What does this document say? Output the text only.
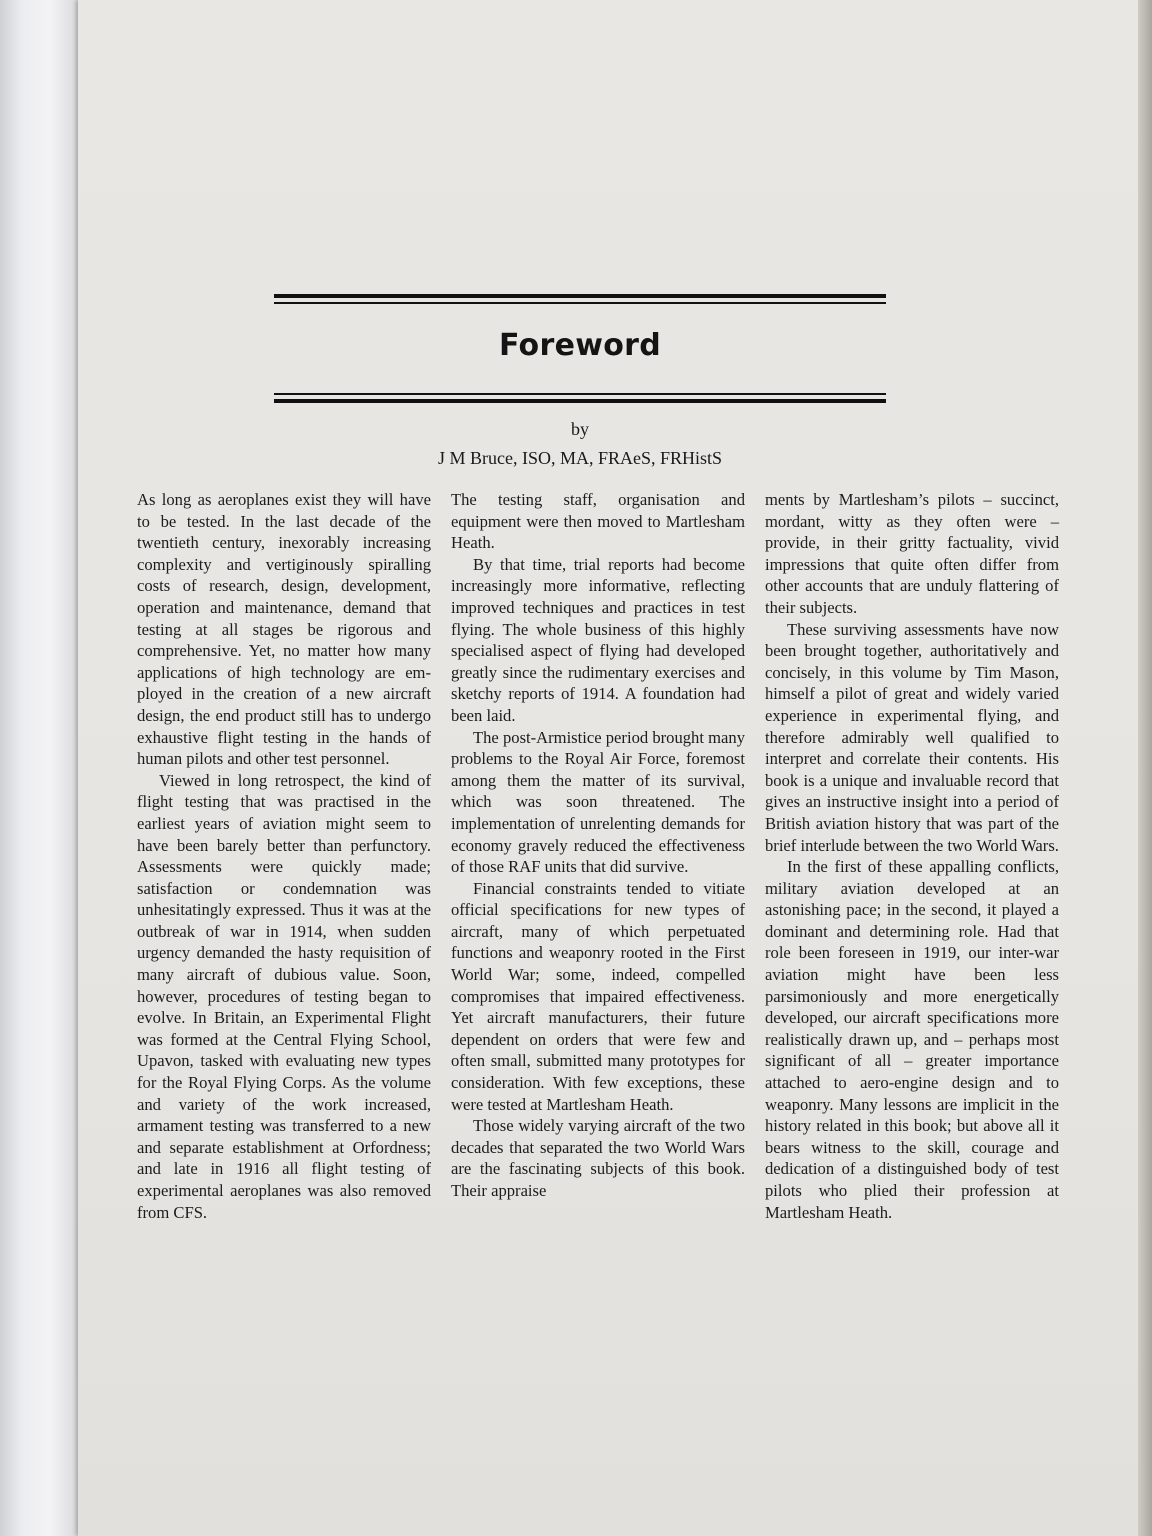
Foreword
by
J M Bruce, ISO, MA, FRAeS, FRHistS

As long as aeroplanes exist they will have to be tested. In the last decade of the twentieth century, inexorably increasing complexity and vertiginously spiralling costs of research, design, development, operation and maintenance, demand that testing at all stages be rigorous and comprehensive. Yet, no matter how many applications of high technology are employed in the creation of a new aircraft design, the end product still has to undergo exhaustive flight testing in the hands of human pilots and other test personnel.

Viewed in long retrospect, the kind of flight testing that was practised in the earliest years of aviation might seem to have been barely better than perfunctory. Assessments were quickly made; satisfaction or condemnation was unhesitatingly expressed. Thus it was at the outbreak of war in 1914, when sudden urgency demanded the hasty requisition of many aircraft of dubious value. Soon, however, procedures of testing began to evolve. In Britain, an Experimental Flight was formed at the Central Flying School, Upavon, tasked with evaluating new types for the Royal Flying Corps. As the volume and variety of the work increased, armament testing was transferred to a new and separate establishment at Orfordness; and late in 1916 all flight testing of experimental aeroplanes was also removed from CFS.

The testing staff, organisation and equipment were then moved to Martlesham Heath.

By that time, trial reports had become increasingly more informative, reflecting improved techniques and practices in test flying. The whole business of this highly specialised aspect of flying had developed greatly since the rudimentary exercises and sketchy reports of 1914. A foundation had been laid.

The post-Armistice period brought many problems to the Royal Air Force, foremost among them the matter of its survival, which was soon threatened. The implementation of unrelenting demands for economy gravely reduced the effectiveness of those RAF units that did survive.

Financial constraints tended to vitiate official specifications for new types of aircraft, many of which perpetuated functions and weaponry rooted in the First World War; some, indeed, compelled compromises that impaired effectiveness. Yet aircraft manufacturers, their future dependent on orders that were few and often small, submitted many prototypes for consideration. With few exceptions, these were tested at Martlesham Heath.

Those widely varying aircraft of the two decades that separated the two World Wars are the fascinating subjects of this book. Their appraise

ments by Martlesham’s pilots – succinct, mordant, witty as they often were – provide, in their gritty factuality, vivid impressions that quite often differ from other accounts that are unduly flattering of their subjects.

These surviving assessments have now been brought together, authoritatively and concisely, in this volume by Tim Mason, himself a pilot of great and widely varied experience in experimental flying, and therefore admirably well qualified to interpret and correlate their contents. His book is a unique and invaluable record that gives an instructive insight into a period of British aviation history that was part of the brief interlude between the two World Wars.

In the first of these appalling conflicts, military aviation developed at an astonishing pace; in the second, it played a dominant and determining role. Had that role been foreseen in 1919, our inter-war aviation might have been less parsimoniously and more energetically developed, our aircraft specifications more realistically drawn up, and – perhaps most significant of all – greater importance attached to aero-engine design and to weaponry. Many lessons are implicit in the history related in this book; but above all it bears witness to the skill, courage and dedication of a distinguished body of test pilots who plied their profession at Martlesham Heath.
